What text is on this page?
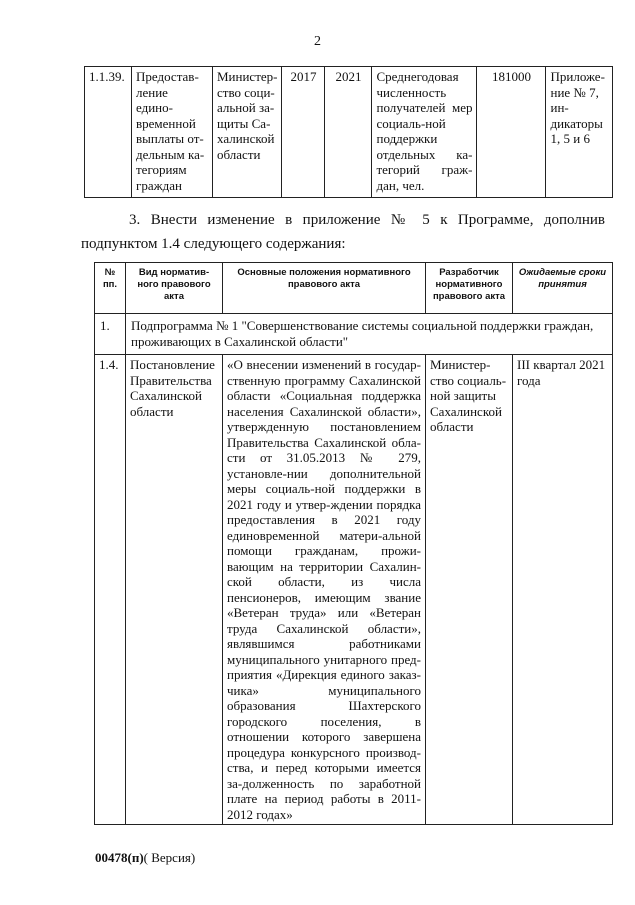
2
1.1.39.	Предостав-ление едино-временной выплаты от-дельным ка-тегориям граждан	Министер-ство соци-альной за-щиты Са-халинской области	2017	2021	Среднегодовая численность получателей мер социаль-ной поддержки отдельных ка-тегорий граж-дан, чел.	181000	Приложе-ние № 7, ин-дикаторы 1, 5 и 6
3. Внести изменение в приложение № 5 к Программе, дополнив
подпунктом 1.4 следующего содержания:
№ пп.	Вид норматив-ного правового акта	Основные положения нормативного правового акта	Разработчик нормативного правового акта	Ожидаемые сроки принятия
1.	Подпрограмма № 1 "Совершенствование системы социальной поддержки граждан, проживающих в Сахалинской области"			
1.4.	Постановление Правительства Сахалинской области	«О внесении изменений в государ-ственную программу Сахалинской области «Социальная поддержка населения Сахалинской области», утвержденную постановлением Правительства Сахалинской обла-сти от 31.05.2013 № 279, установле-нии дополнительной меры социаль-ной поддержки в 2021 году и утвер-ждении порядка предоставления в 2021 году единовременной матери-альной помощи гражданам, прожи-вающим на территории Сахалин-ской области, из числа пенсионеров, имеющим звание «Ветеран труда» или «Ветеран труда Сахалинской области», являвшимся работниками муниципального унитарного пред-приятия «Дирекция единого заказ-чика» муниципального образования Шахтерского городского поселения, в отношении которого завершена процедура конкурсного производ-ства, и перед которыми имеется за-долженность по заработной плате на период работы в 2011-2012 годах»	Министер-ство социаль-ной защиты Сахалинской области	III квартал 2021 года
00478(п)( Версия)
